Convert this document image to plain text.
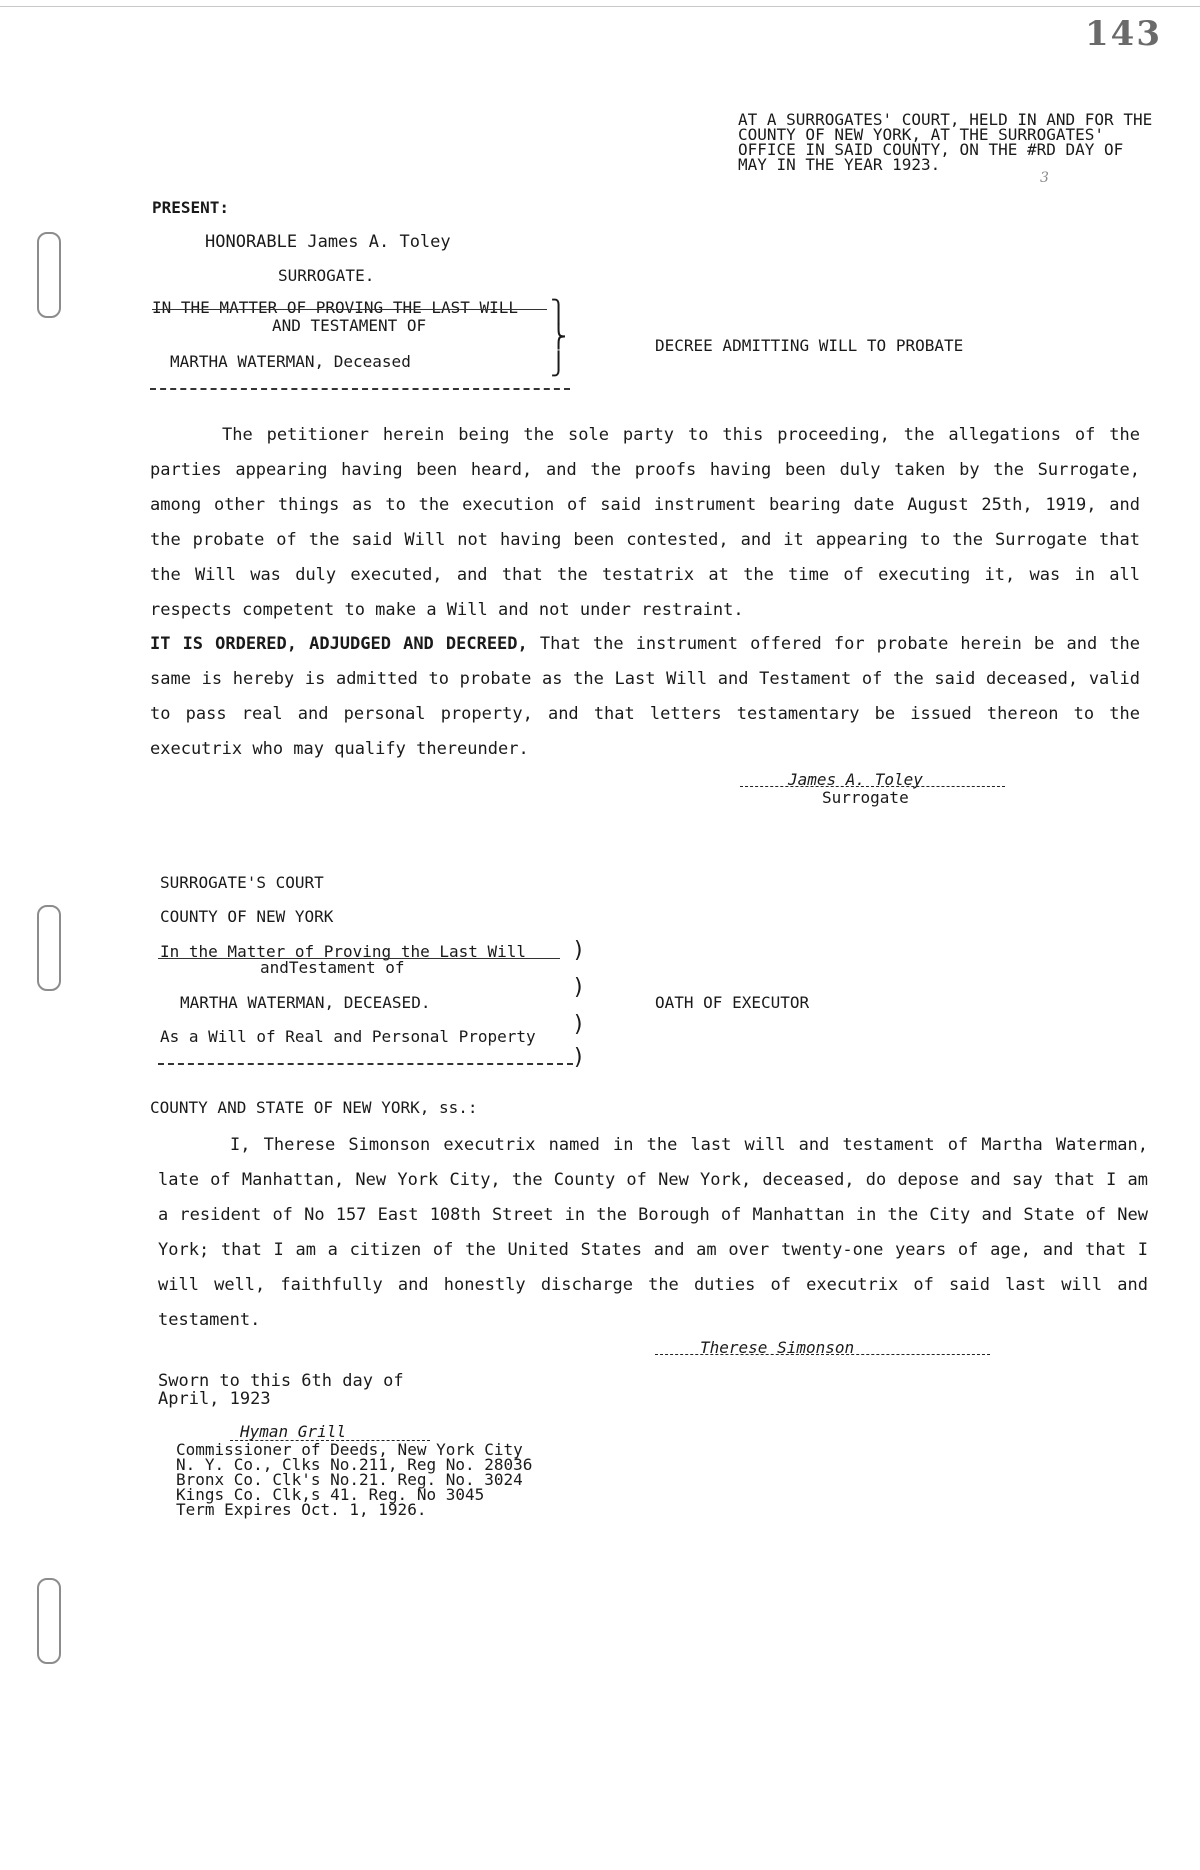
143
AT A SURROGATES' COURT, HELD IN AND FOR THE
COUNTY OF NEW YORK, AT THE SURROGATES'
OFFICE IN SAID COUNTY, ON THE #RD DAY OF
MAY IN THE YEAR 1923.
3
PRESENT:
HONORABLE James A. Toley
SURROGATE.
IN THE MATTER OF PROVING THE LAST WILL
AND TESTAMENT OF
MARTHA WATERMAN, Deceased
⎫
⎬
⎭
DECREE ADMITTING WILL TO PROBATE
The petitioner herein being the sole party to this proceeding, the allegations of the parties appearing having been heard, and the proofs having been duly taken by the Surrogate, among other things as to the execution of said instrument bearing date August 25th, 1919, and the probate of the said Will not having been contested, and it appearing to the Surrogate that the Will was duly executed, and that the testatrix at the time of executing it, was in all respects competent to make a Will and not under restraint.
IT IS ORDERED, ADJUDGED AND DECREED, That the instrument offered for probate herein be and the same is hereby is admitted to probate as the Last Will and Testament of the said deceased, valid to pass real and personal property, and that letters testamentary be issued thereon to the executrix who may qualify thereunder.
James A. Toley
Surrogate
SURROGATE'S COURT
COUNTY OF NEW YORK
In the Matter of Proving the Last Will
andTestament of
MARTHA WATERMAN, DECEASED.
As a Will of Real and Personal Property
)
)
)
)
OATH OF EXECUTOR
COUNTY AND STATE OF NEW YORK, ss.:
I, Therese Simonson executrix named in the last will and testament of Martha Waterman, late of Manhattan, New York City, the County of New York, deceased, do depose and say that I am a resident of No 157 East 108th Street in the Borough of Manhattan in the City and State of New York; that I am a citizen of the United States and am over twenty-one years of age, and that I will well, faithfully and honestly discharge the duties of executrix of said last will and testament.
Therese Simonson
Sworn to this 6th day of
April, 1923
Hyman Grill
Commissioner of Deeds, New York City
N. Y. Co., Clks No.211, Reg No. 28036
Bronx Co. Clk's No.21. Reg. No. 3024
Kings Co. Clk,s 41. Reg. No 3045
Term Expires Oct. 1, 1926.
